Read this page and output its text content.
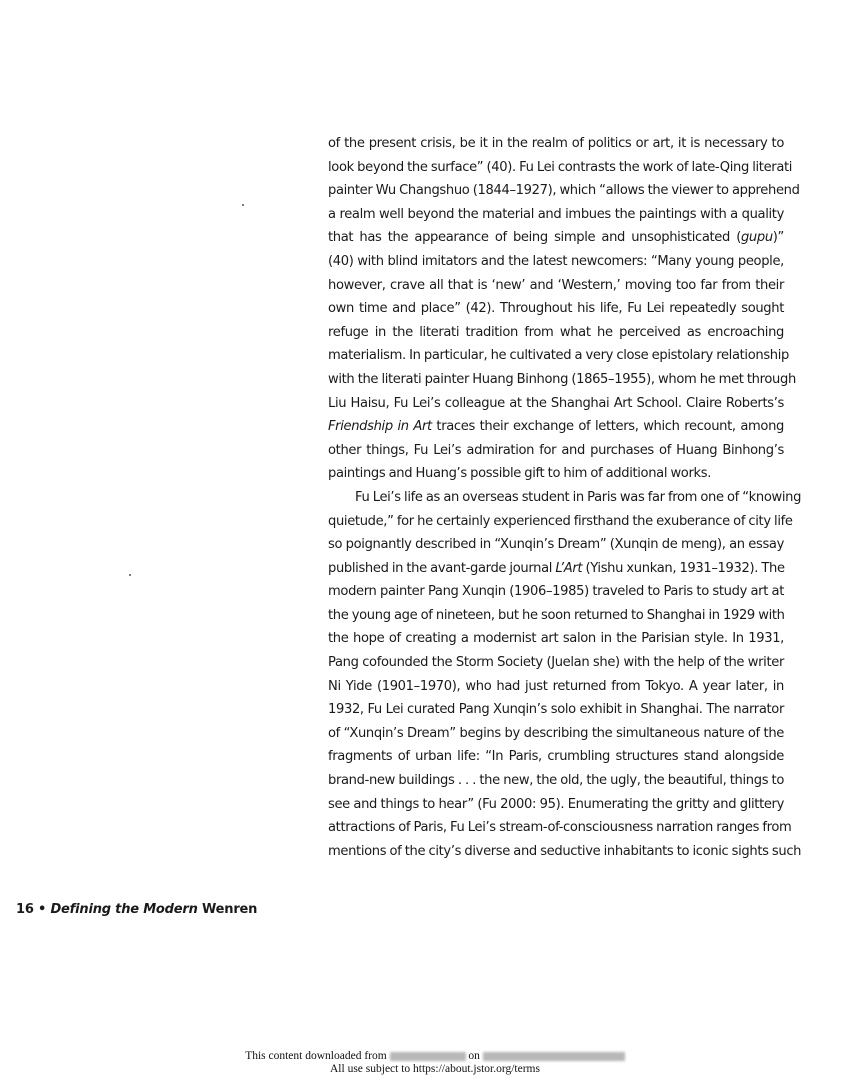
of the present crisis, be it in the realm of politics or art, it is necessary to
look beyond the surface” (40). Fu Lei contrasts the work of late-Qing literati
painter Wu Changshuo (1844–1927), which “allows the viewer to apprehend
a realm well beyond the material and imbues the paintings with a quality
that has the appearance of being simple and unsophisticated (gupu)”
(40) with blind imitators and the latest newcomers: “Many young people,
however, crave all that is ‘new’ and ‘Western,’ moving too far from their
own time and place” (42). Throughout his life, Fu Lei repeatedly sought
refuge in the literati tradition from what he perceived as encroaching
materialism. In particular, he cultivated a very close epistolary relationship
with the literati painter Huang Binhong (1865–1955), whom he met through
Liu Haisu, Fu Lei’s colleague at the Shanghai Art School. Claire Roberts’s
Friendship in Art traces their exchange of letters, which recount, among
other things, Fu Lei’s admiration for and purchases of Huang Binhong’s
paintings and Huang’s possible gift to him of additional works.
Fu Lei’s life as an overseas student in Paris was far from one of “knowing
quietude,” for he certainly experienced firsthand the exuberance of city life
so poignantly described in “Xunqin’s Dream” (Xunqin de meng), an essay
published in the avant-garde journal L’Art (Yishu xunkan, 1931–1932). The
modern painter Pang Xunqin (1906–1985) traveled to Paris to study art at
the young age of nineteen, but he soon returned to Shanghai in 1929 with
the hope of creating a modernist art salon in the Parisian style. In 1931,
Pang cofounded the Storm Society (Juelan she) with the help of the writer
Ni Yide (1901–1970), who had just returned from Tokyo. A year later, in
1932, Fu Lei curated Pang Xunqin’s solo exhibit in Shanghai. The narrator
of “Xunqin’s Dream” begins by describing the simultaneous nature of the
fragments of urban life: “In Paris, crumbling structures stand alongside
brand-new buildings . . . the new, the old, the ugly, the beautiful, things to
see and things to hear” (Fu 2000: 95). Enumerating the gritty and glittery
attractions of Paris, Fu Lei’s stream-of-consciousness narration ranges from
mentions of the city’s diverse and seductive inhabitants to iconic sights such
16 • Defining the Modern Wenren
This content downloaded from	on
All use subject to https://about.jstor.org/terms
